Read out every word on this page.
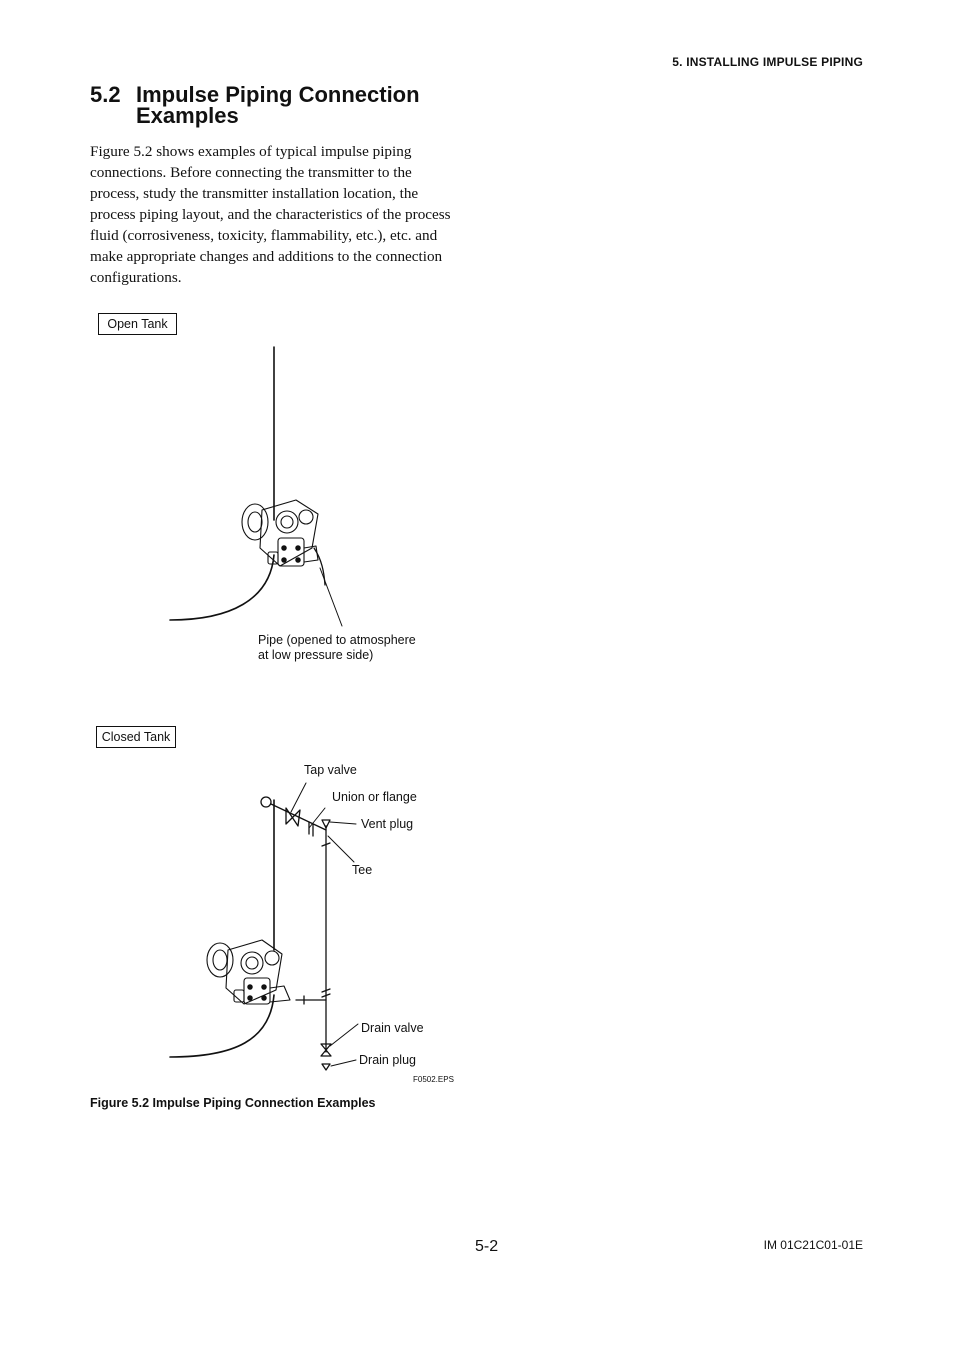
5. INSTALLING IMPULSE PIPING
5.2 Impulse Piping Connection
Examples

Figure 5.2 shows examples of typical impulse piping connections. Before connecting the transmitter to the process, study the transmitter installation location, the process piping layout, and the characteristics of the process fluid (corrosiveness, toxicity, flammability, etc.), etc. and make appropriate changes and additions to the connection configurations.

Open Tank
Pipe (opened to atmosphere
at low pressure side)
Closed Tank
Tap valve
Union or flange
Vent plug
Tee
Drain valve
Drain plug
F0502.EPS
Figure 5.2 Impulse Piping Connection Examples
5-2	IM 01C21C01-01E
